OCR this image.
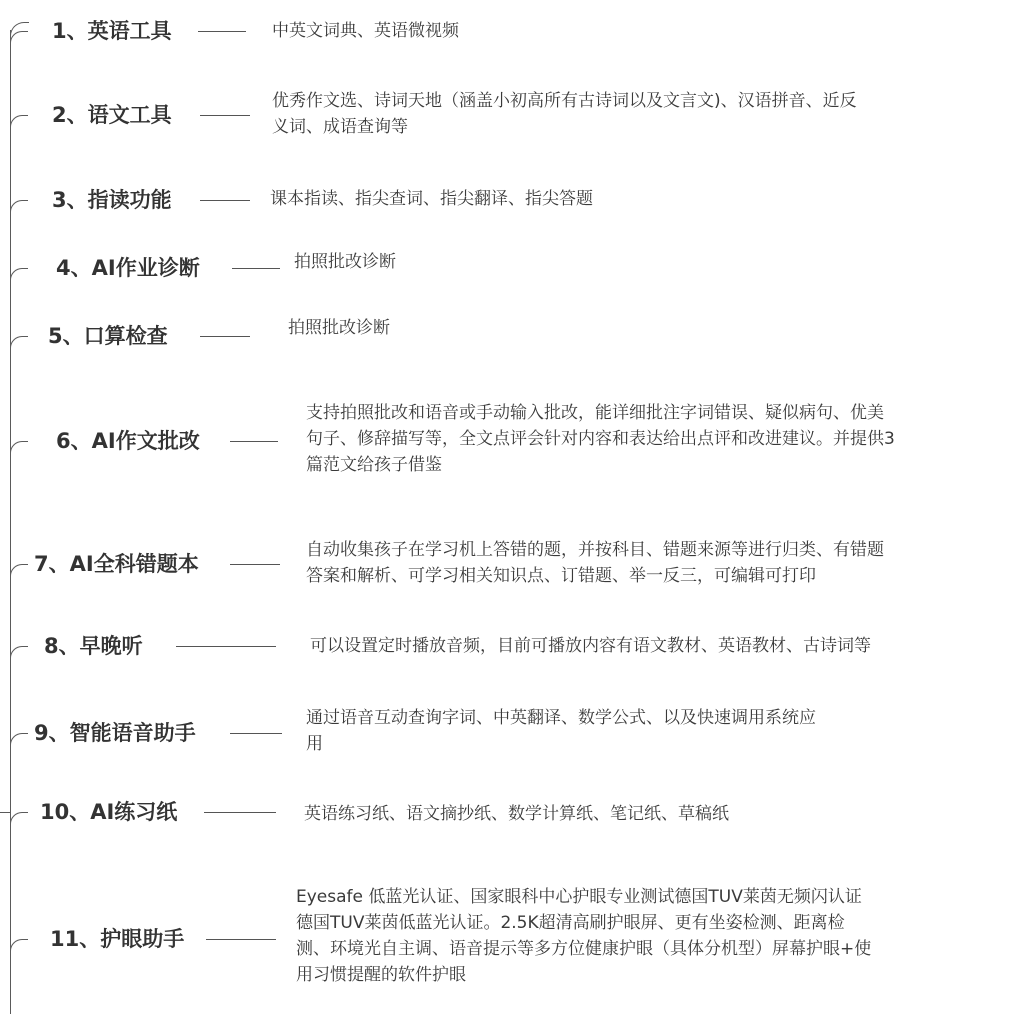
1、英语工具	中英文词典、英语微视频
2、语文工具
优秀作文选、诗词天地（涵盖小初高所有古诗词以及文言文)、汉语拼音、近反
义词、成语查询等
3、指读功能	课本指读、指尖查词、指尖翻译、指尖答题
4、AI作业诊断	拍照批改诊断
5、口算检查	拍照批改诊断
6、AI作文批改
支持拍照批改和语音或手动输入批改，能详细批注字词错误、疑似病句、优美
句子、修辞描写等，全文点评会针对内容和表达给出点评和改进建议。并提供3
篇范文给孩子借鉴
7、AI全科错题本
自动收集孩子在学习机上答错的题，并按科目、错题来源等进行归类、有错题
答案和解析、可学习相关知识点、订错题、举一反三，可编辑可打印
8、早晚听	可以设置定时播放音频，目前可播放内容有语文教材、英语教材、古诗词等
9、智能语音助手
通过语音互动查询字词、中英翻译、数学公式、以及快速调用系统应
用
10、AI练习纸	英语练习纸、语文摘抄纸、数学计算纸、笔记纸、草稿纸
11、护眼助手
Eyesafe 低蓝光认证、国家眼科中心护眼专业测试德国TUV莱茵无频闪认证
德国TUV莱茵低蓝光认证。2.5K超清高刷护眼屏、更有坐姿检测、距离检
测、环境光自主调、语音提示等多方位健康护眼（具体分机型）屏幕护眼+使
用习惯提醒的软件护眼
